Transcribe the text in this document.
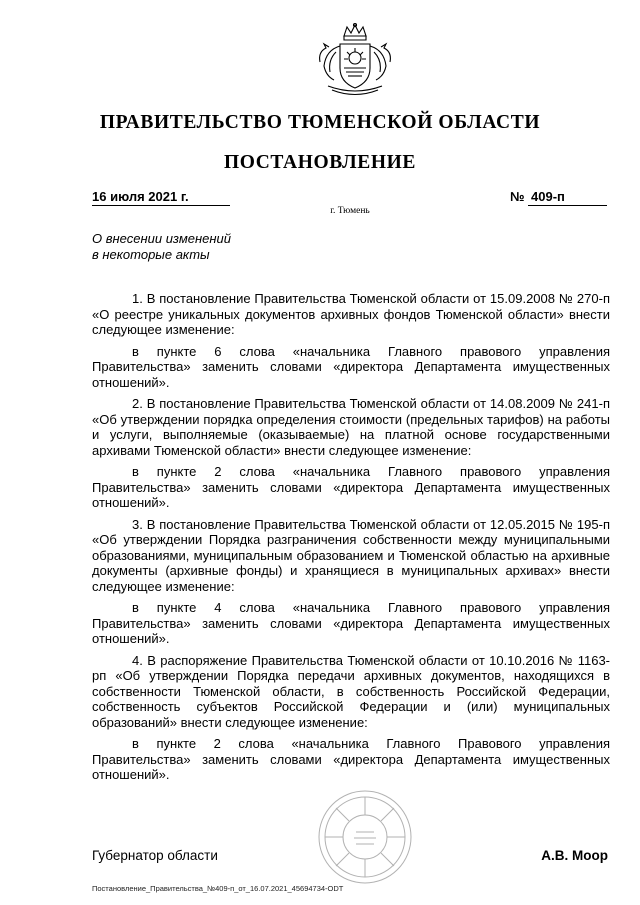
ПРАВИТЕЛЬСТВО ТЮМЕНСКОЙ ОБЛАСТИ
ПОСТАНОВЛЕНИЕ
16 июля 2021 г.
г. Тюмень
№ 409-п
О внесении изменений
в некоторые акты

1. В постановление Правительства Тюменской области от 15.09.2008 № 270-п «О реестре уникальных документов архивных фондов Тюменской области» внести следующее изменение:

в пункте 6 слова «начальника Главного правового управления Правительства» заменить словами «директора Департамента имущественных отношений».

2. В постановление Правительства Тюменской области от 14.08.2009 № 241-п «Об утверждении порядка определения стоимости (предельных тарифов) на работы и услуги, выполняемые (оказываемые) на платной основе государственными архивами Тюменской области» внести следующее изменение:

в пункте 2 слова «начальника Главного правового управления Правительства» заменить словами «директора Департамента имущественных отношений».

3. В постановление Правительства Тюменской области от 12.05.2015 № 195-п «Об утверждении Порядка разграничения собственности между муниципальными образованиями, муниципальным образованием и Тюменской областью на архивные документы (архивные фонды) и хранящиеся в муниципальных архивах» внести следующее изменение:

в пункте 4 слова «начальника Главного правового управления Правительства» заменить словами «директора Департамента имущественных отношений».

4. В распоряжение Правительства Тюменской области от 10.10.2016 № 1163-рп «Об утверждении Порядка передачи архивных документов, находящихся в собственности Тюменской области, в собственность Российской Федерации, собственность субъектов Российской Федерации и (или) муниципальных образований» внести следующее изменение:

в пункте 2 слова «начальника Главного Правового управления Правительства» заменить словами «директора Департамента имущественных отношений».

Губернатор области	А.В. Моор
Постановление_Правительства_№409-п_от_16.07.2021_45694734-ODT
